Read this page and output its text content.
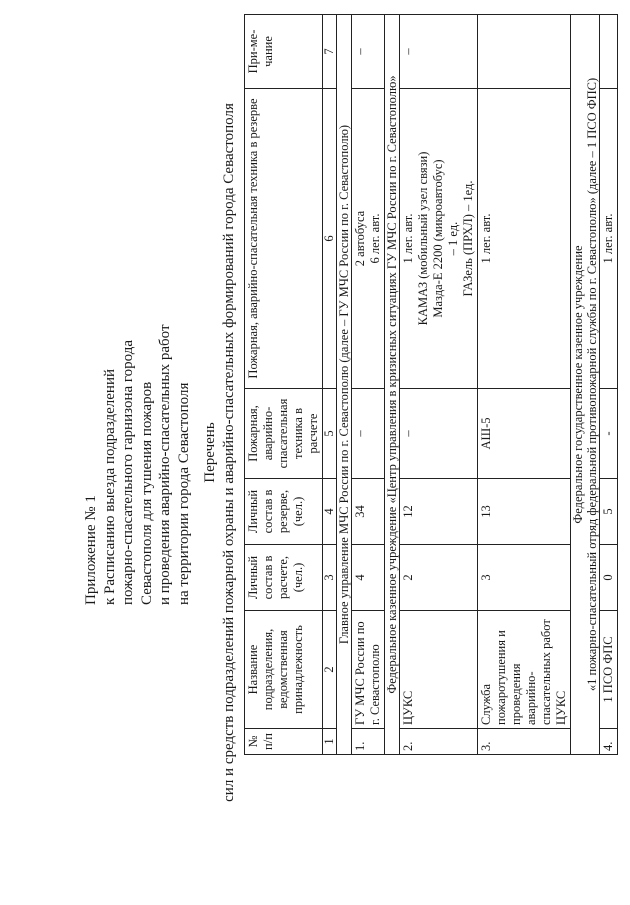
Приложение № 1 к Расписанию выезда подразделений пожарно-спасательного гарнизона города Севастополя для тушения пожаров и проведения аварийно-спасательных работ на территории города Севастополя Перечень сил и средств подразделений пожарной охраны и аварийно-спасательных формирований города Севастополя № п/п	Название подразделения, ведомственная принадлежность	Личный состав в расчете, (чел.)	Личный состав в резерве, (чел.)	Пожарная, аварийно-спасательная техника в расчете	Пожарная, аварийно-спасательная техника в резерве	При-ме-чание
1	2	3	4	5	6	7
Главное управление МЧС России по г. Севастополю (далее – ГУ МЧС России по г. Севастополю)						
1.	ГУ МЧС России по г. Севастополю	4	34	–	2 автобуса 6 лег. авт.	–
Федеральное казенное учреждение «Центр управления в кризисных ситуациях ГУ МЧС России по г. Севастополю»						
2.	ЦУКС	2	12	–	1 лег. авт. КАМАЗ (мобильный узел связи) Мазда-Е 2200 (микроавтобус) – 1 ед. ГАЗель (ПРХЛ) – 1ед.	–
3.	Служба пожаротушения и проведения аварийно-спасательных работ ЦУКС	3	13	АШ-5	1 лег. авт.	

Федеральное государственное казенное учреждение «1 пожарно-спасательный отряд федеральной противопожарной службы по г. Севастополю» (далее – 1 ПСО ФПС)						

4.	1 ПСО ФПС	0	5	-	1 лег. авт.	
